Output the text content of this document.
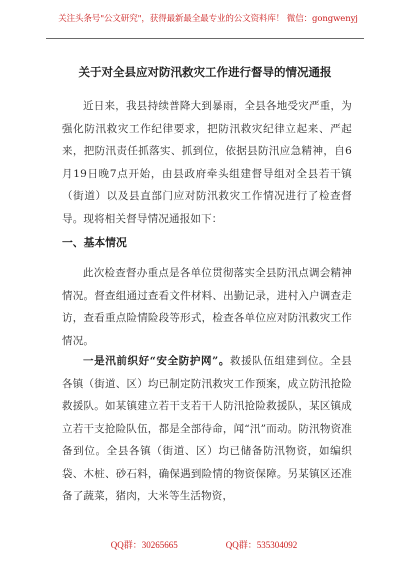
关注头条号"公文研究"，获得最新最全最专业的公文资料库！ 微信：gongwenyj
关于对全县应对防汛救灾工作进行督导的情况通报

近日来，我县持续普降大到暴雨，全县各地受灾严重，为强化防汛救灾工作纪律要求，把防汛救灾纪律立起来、严起来，把防汛责任抓落实、抓到位，依据县防汛应急精神，自6月19日晚7点开始，由县政府牵头组建督导组对全县若干镇（街道）以及县直部门应对防汛救灾工作情况进行了检查督导。现将相关督导情况通报如下：

一、基本情况

此次检查督办重点是各单位贯彻落实全县防汛点调会精神情况。督查组通过查看文件材料、出勤记录，进村入户调查走访，查看重点险情险段等形式，检查各单位应对防汛救灾工作情况。

一是汛前织好“安全防护网”。救援队伍组建到位。全县各镇（街道、区）均已制定防汛救灾工作预案，成立防汛抢险救援队。如某镇建立若干支若干人防汛抢险救援队，某区镇成立若干支抢险队伍，都是全部待命，闻“汛”而动。防汛物资准备到位。全县各镇（街道、区）均已储备防汛物资，如编织袋、木桩、砂石料，确保遇到险情的物资保障。另某镇区还准备了蔬菜，猪肉，大米等生活物资，

QQ群：30265665	QQ群：535304092
